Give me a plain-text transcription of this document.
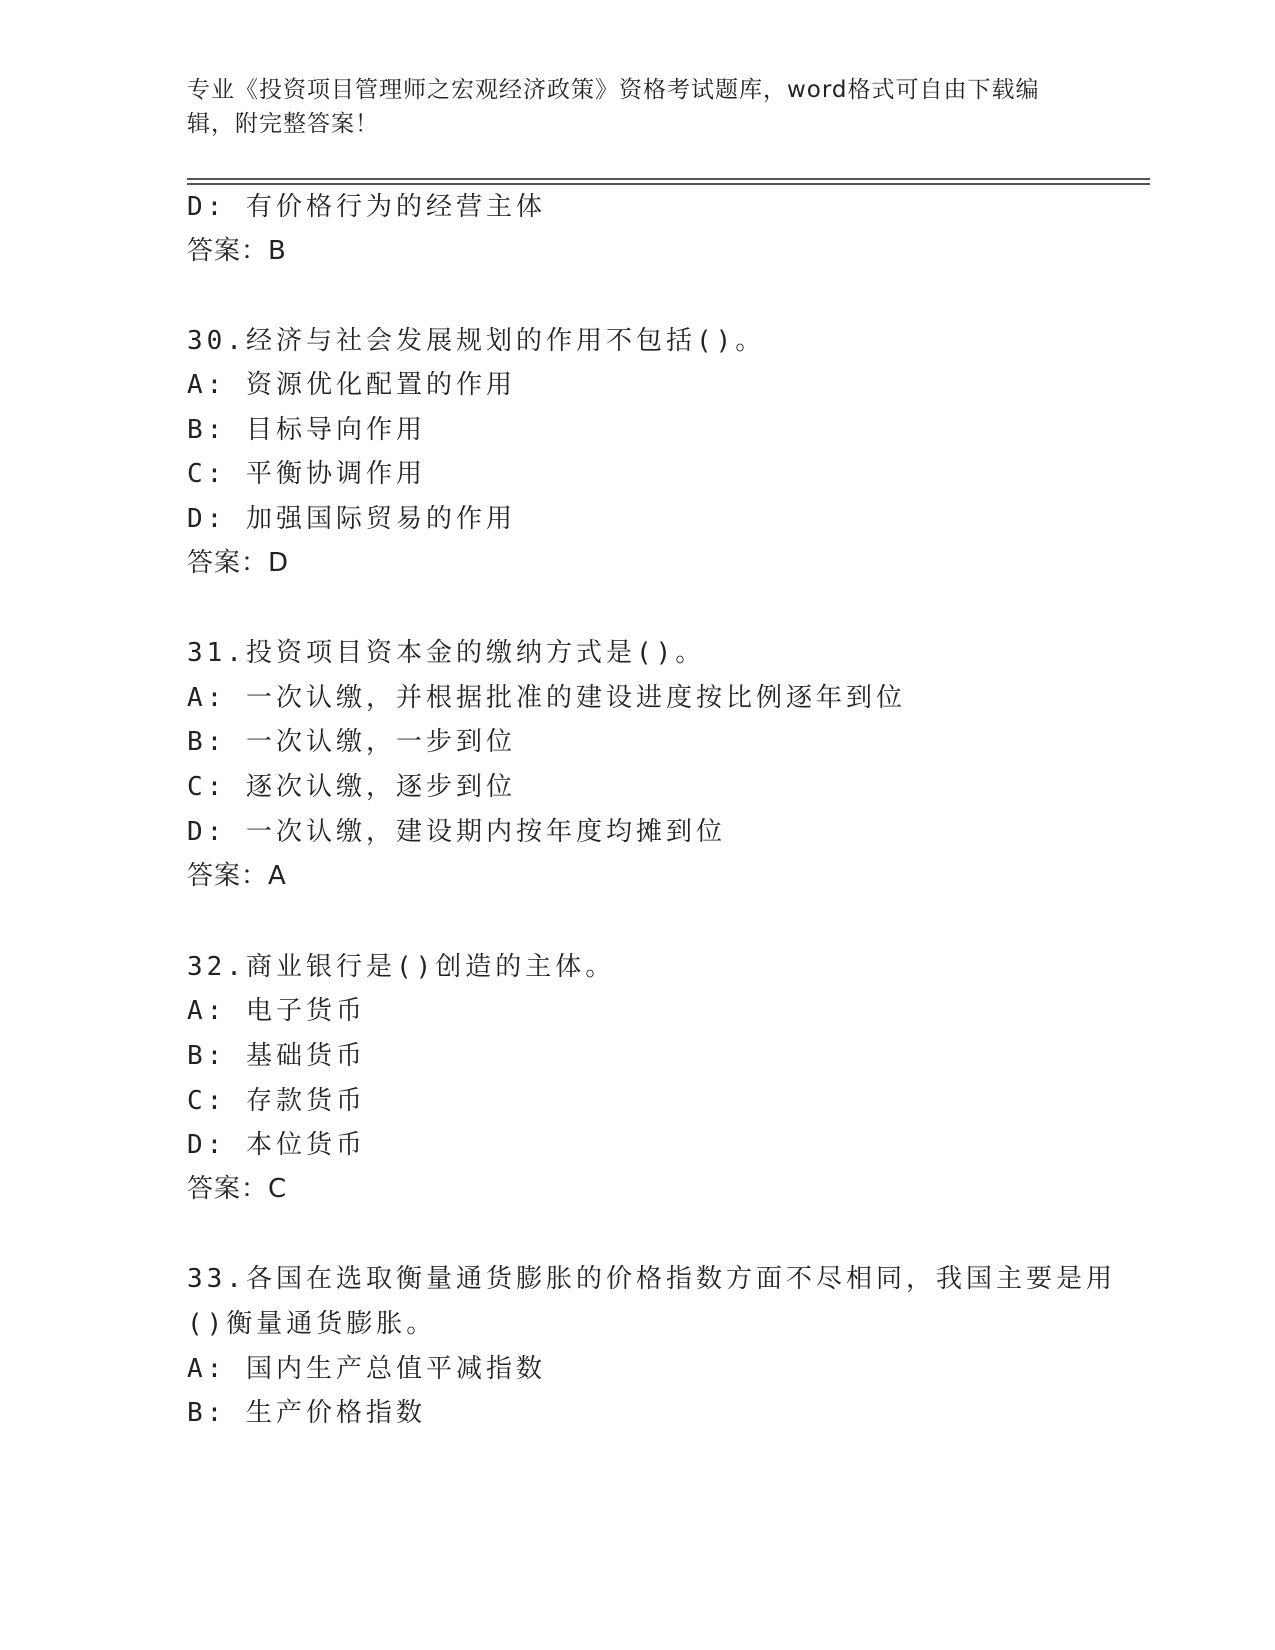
专业《投资项目管理师之宏观经济政策》资格考试题库，word格式可自由下载编
辑，附完整答案！
D: 有价格行为的经营主体
答案：B
30.经济与社会发展规划的作用不包括()。
A: 资源优化配置的作用
B: 目标导向作用
C: 平衡协调作用
D: 加强国际贸易的作用
答案：D
31.投资项目资本金的缴纳方式是()。
A: 一次认缴，并根据批准的建设进度按比例逐年到位
B: 一次认缴，一步到位
C: 逐次认缴，逐步到位
D: 一次认缴，建设期内按年度均摊到位
答案：A
32.商业银行是()创造的主体。
A: 电子货币
B: 基础货币
C: 存款货币
D: 本位货币
答案：C
33.各国在选取衡量通货膨胀的价格指数方面不尽相同，我国主要是用
()衡量通货膨胀。
A: 国内生产总值平减指数
B: 生产价格指数
